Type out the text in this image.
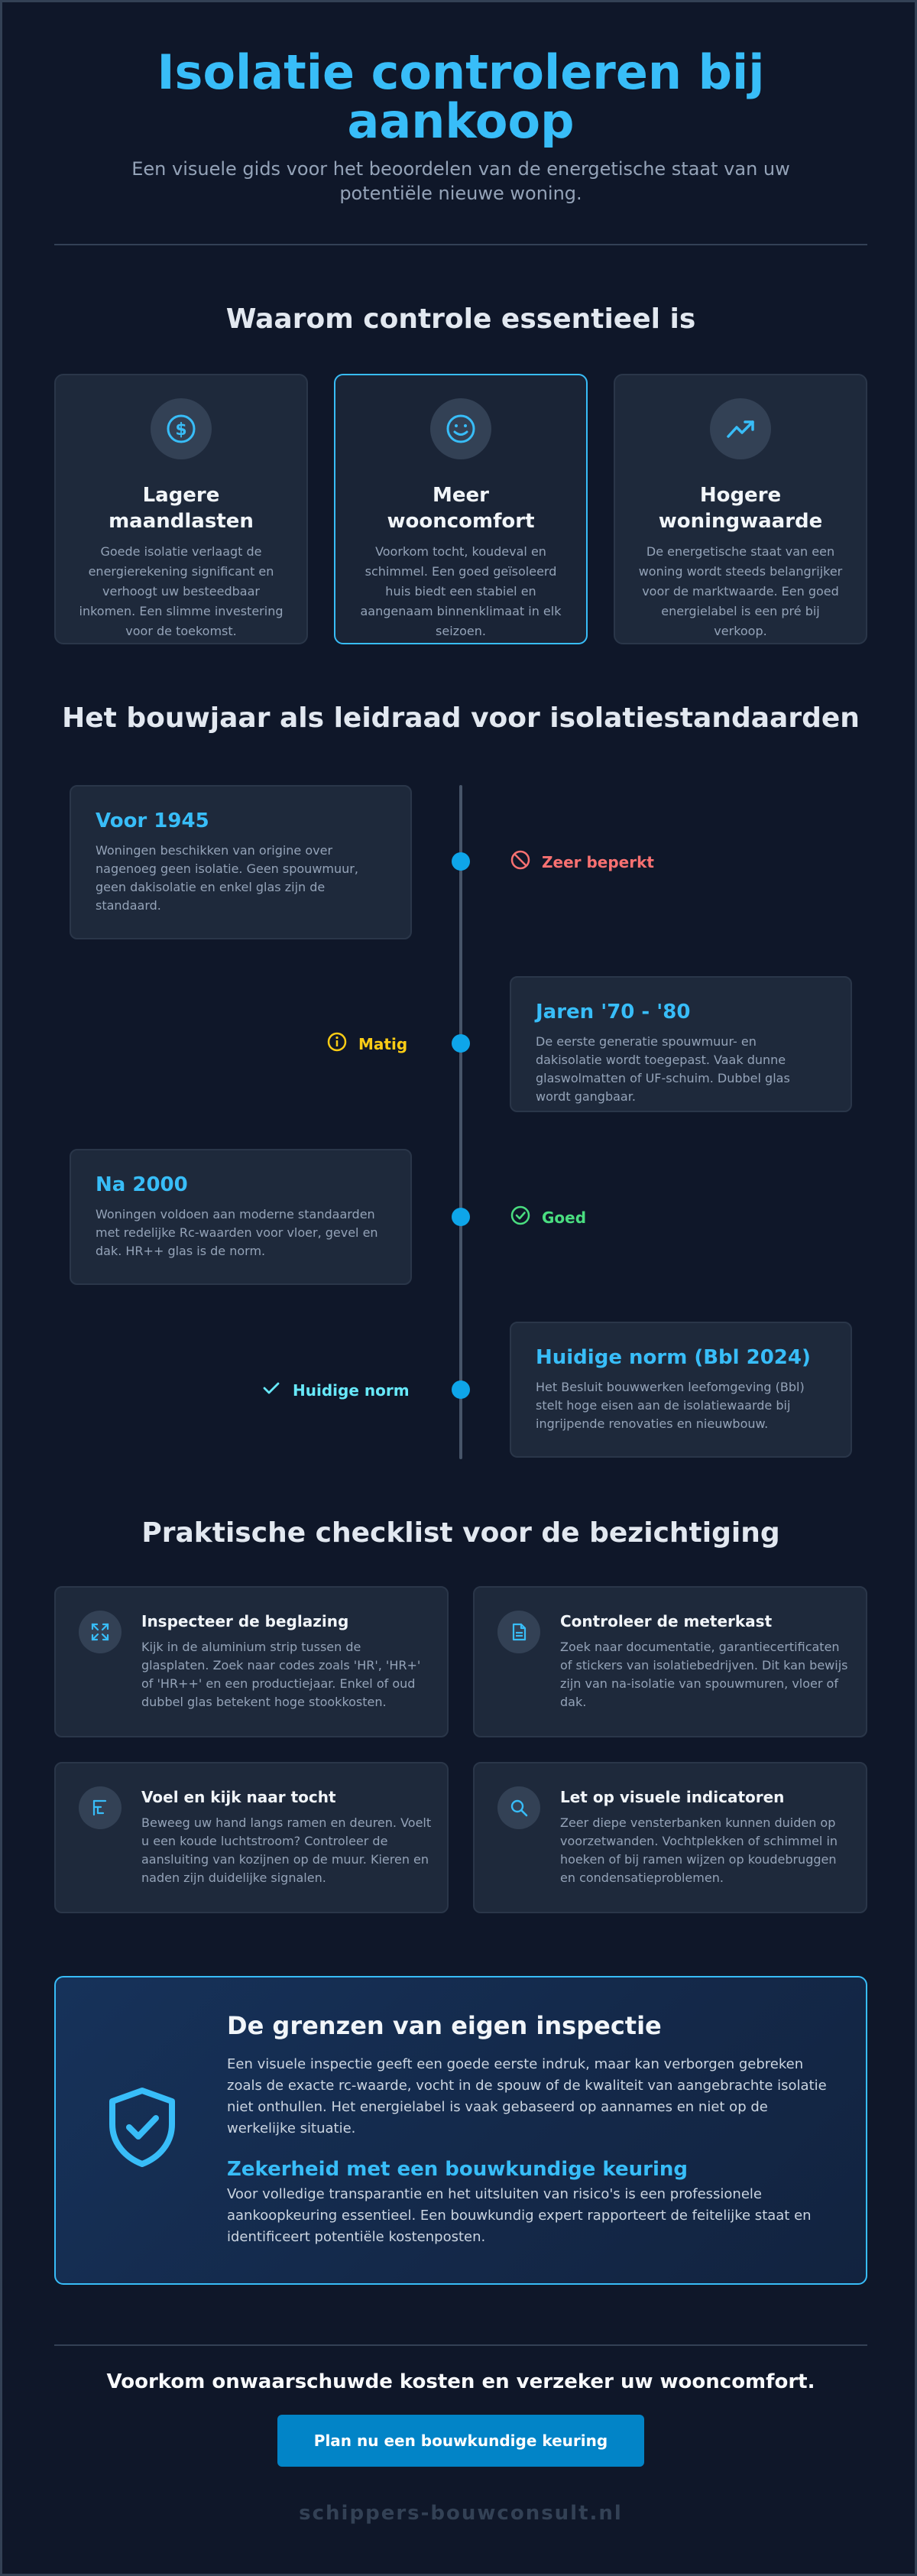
Isolatie controleren bij aankoop

Een visuele gids voor het beoordelen van de energetische staat van uw potentiële nieuwe woning.

Waarom controle essentieel is
$
Lagere maandlasten
Goede isolatie verlaagt de energierekening significant en verhoogt uw besteedbaar inkomen. Een slimme investering voor de toekomst.
Meer wooncomfort
Voorkom tocht, koudeval en schimmel. Een goed geïsoleerd huis biedt een stabiel en aangenaam binnenklimaat in elk seizoen.
Hogere woningwaarde
De energetische staat van een woning wordt steeds belangrijker voor de marktwaarde. Een goed energielabel is een pré bij verkoop.
Het bouwjaar als leidraad voor isolatiestandaarden
Voor 1945
Woningen beschikken van origine over nagenoeg geen isolatie. Geen spouwmuur, geen dakisolatie en enkel glas zijn de standaard.
Zeer beperkt
Jaren '70 - '80
De eerste generatie spouwmuur- en dakisolatie wordt toegepast. Vaak dunne glaswolmatten of UF-schuim. Dubbel glas wordt gangbaar.
Matig
Na 2000
Woningen voldoen aan moderne standaarden met redelijke Rc-waarden voor vloer, gevel en dak. HR++ glas is de norm.
Goed
Huidige norm (Bbl 2024)
Het Besluit bouwwerken leefomgeving (Bbl) stelt hoge eisen aan de isolatiewaarde bij ingrijpende renovaties en nieuwbouw.
Huidige norm
Praktische checklist voor de bezichtiging
Inspecteer de beglazing
Kijk in de aluminium strip tussen de glasplaten. Zoek naar codes zoals 'HR', 'HR+' of 'HR++' en een productiejaar. Enkel of oud dubbel glas betekent hoge stookkosten.
Controleer de meterkast
Zoek naar documentatie, garantiecertificaten of stickers van isolatiebedrijven. Dit kan bewijs zijn van na-isolatie van spouwmuren, vloer of dak.
Voel en kijk naar tocht
Beweeg uw hand langs ramen en deuren. Voelt u een koude luchtstroom? Controleer de aansluiting van kozijnen op de muur. Kieren en naden zijn duidelijke signalen.
Let op visuele indicatoren
Zeer diepe vensterbanken kunnen duiden op voorzetwanden. Vochtplekken of schimmel in hoeken of bij ramen wijzen op koudebruggen en condensatieproblemen.
De grenzen van eigen inspectie
Een visuele inspectie geeft een goede eerste indruk, maar kan verborgen gebreken zoals de exacte rc-waarde, vocht in de spouw of de kwaliteit van aangebrachte isolatie niet onthullen. Het energielabel is vaak gebaseerd op aannames en niet op de werkelijke situatie.
Zekerheid met een bouwkundige keuring
Voor volledige transparantie en het uitsluiten van risico's is een professionele aankoopkeuring essentieel. Een bouwkundig expert rapporteert de feitelijke staat en identificeert potentiële kostenposten.
Voorkom onwaarschuwde kosten en verzeker uw wooncomfort.
Plan nu een bouwkundige keuring
schippers-bouwconsult.nl
